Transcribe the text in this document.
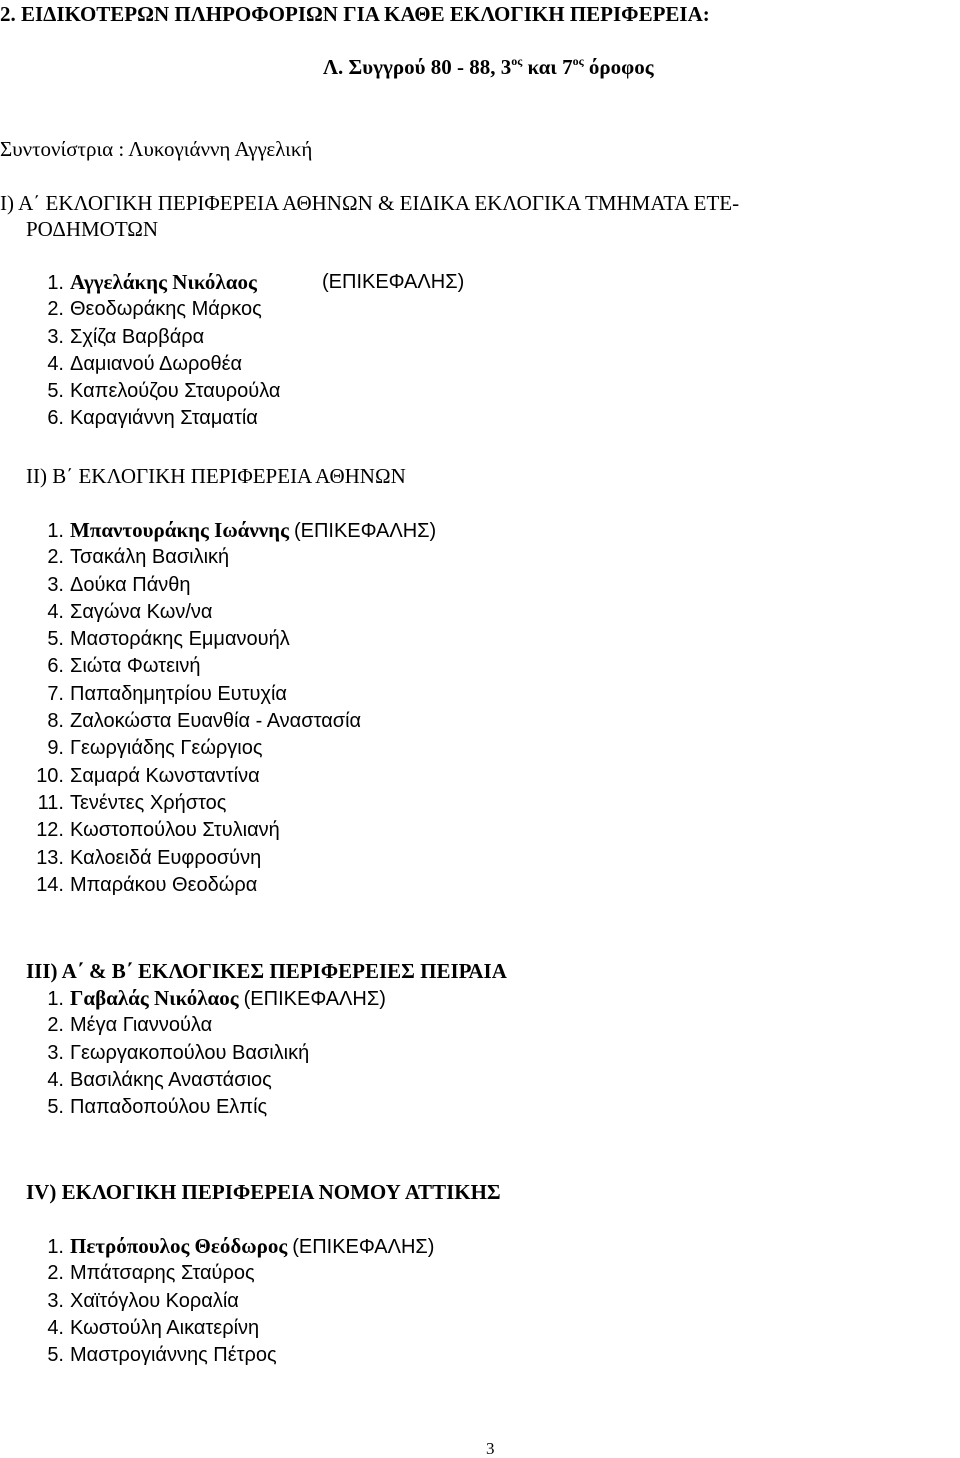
2. ΕΙΔΙΚΟΤΕΡΩΝ ΠΛΗΡΟΦΟΡΙΩΝ ΓΙΑ ΚΑΘΕ ΕΚΛΟΓΙΚΗ ΠΕΡΙΦΕΡΕΙΑ:
Λ. Συγγρού 80 - 88, $3^{o\varsigma}$ και $7^{o\varsigma}$ όροφος
Συντονίστρια : Λυκογιάννη Αγγελική
Ι) Α΄ ΕΚΛΟΓΙΚΗ ΠΕΡΙΦΕΡΕΙΑ ΑΘΗΝΩΝ & ΕΙΔΙΚΑ ΕΚΛΟΓΙΚΑ ΤΜΗΜΑΤΑ ΕΤΕ-
ΡΟΔΗΜΟΤΩΝ
1. Αγγελάκης Νικόλαος	(ΕΠΙΚΕΦΑΛΗΣ)
2. Θεοδωράκης Μάρκος
3. Σχίζα Βαρβάρα
4. Δαμιανού Δωροθέα
5. Καπελούζου Σταυρούλα
6. Καραγιάννη Σταματία
ΙΙ) Β΄ ΕΚΛΟΓΙΚΗ ΠΕΡΙΦΕΡΕΙΑ ΑΘΗΝΩΝ
1. Μπαντουράκης Ιωάννης (ΕΠΙΚΕΦΑΛΗΣ)
2. Τσακάλη Βασιλική
3. Δούκα Πάνθη
4. Σαγώνα Κων/να
5. Μαστοράκης Εμμανουήλ
6. Σιώτα Φωτεινή
7. Παπαδημητρίου Ευτυχία
8. Ζαλοκώστα Ευανθία - Αναστασία
9. Γεωργιάδης Γεώργιος
10. Σαμαρά Κωνσταντίνα
11. Τενέντες Χρήστος
12. Κωστοπούλου Στυλιανή
13. Καλοειδά Ευφροσύνη
14. Μπαράκου Θεοδώρα
ΙΙΙ) Α΄ & Β΄ ΕΚΛΟΓΙΚΕΣ ΠΕΡΙΦΕΡΕΙΕΣ ΠΕΙΡΑΙΑ
1. Γαβαλάς Νικόλαος (ΕΠΙΚΕΦΑΛΗΣ)
2. Μέγα Γιαννούλα
3. Γεωργακοπούλου Βασιλική
4. Βασιλάκης Αναστάσιος
5. Παπαδοπούλου Ελπίς
ΙV) ΕΚΛΟΓΙΚΗ ΠΕΡΙΦΕΡΕΙΑ ΝΟΜΟΥ ΑΤΤΙΚΗΣ
1. Πετρόπουλος Θεόδωρος (ΕΠΙΚΕΦΑΛΗΣ)
2. Μπάτσαρης Σταύρος
3. Χαϊτόγλου Κοραλία
4. Κωστούλη Αικατερίνη
5. Μαστρογιάννης Πέτρος
3
